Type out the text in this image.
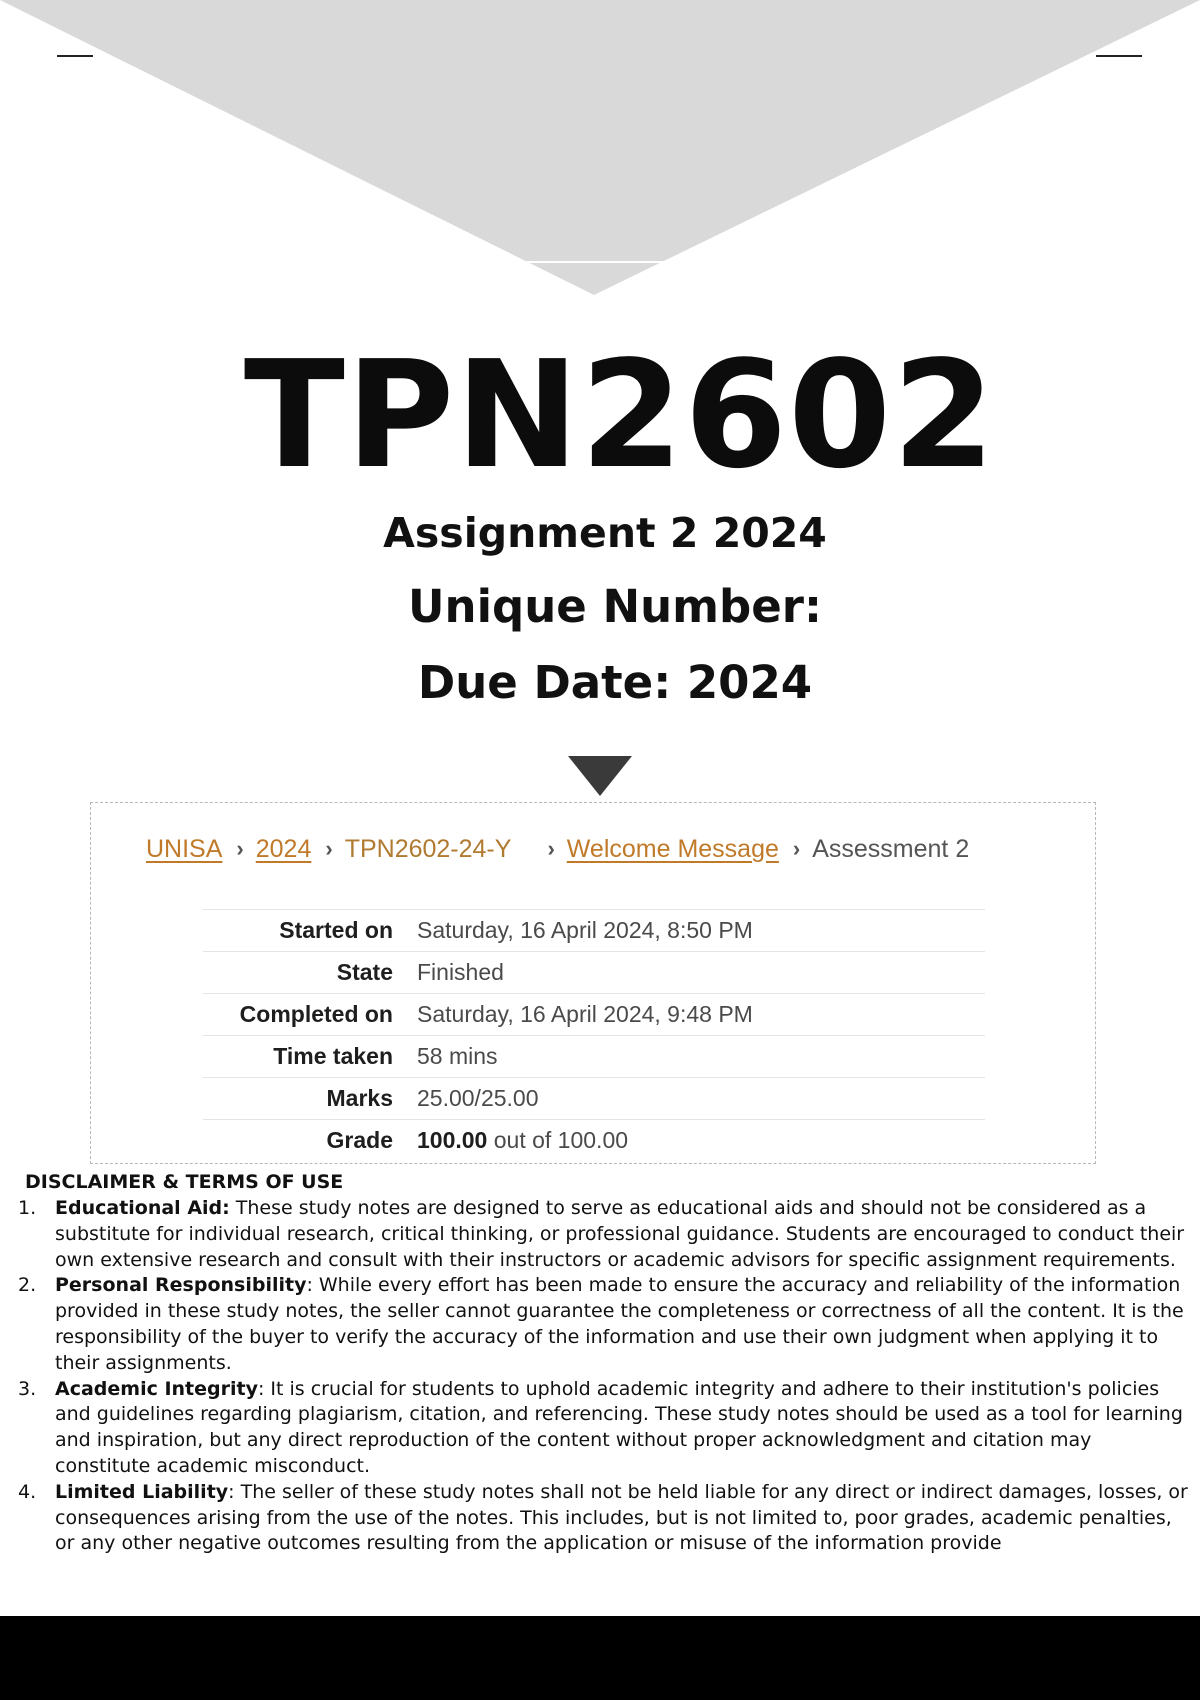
TPN2602
Assignment 2 2024
Unique Number:
Due Date: 2024
UNISA › 2024 › TPN2602-24-Y › Welcome Message › Assessment 2
Started on	Saturday, 16 April 2024, 8:50 PM
State	Finished
Completed on	Saturday, 16 April 2024, 9:48 PM
Time taken	58 mins
Marks	25.00/25.00
Grade	100.00 out of 100.00
DISCLAIMER & TERMS OF USE
1. Educational Aid: These study notes are designed to serve as educational aids and should not be considered as a substitute for individual research, critical thinking, or professional guidance. Students are encouraged to conduct their own extensive research and consult with their instructors or academic advisors for specific assignment requirements.
2. Personal Responsibility: While every effort has been made to ensure the accuracy and reliability of the information provided in these study notes, the seller cannot guarantee the completeness or correctness of all the content. It is the responsibility of the buyer to verify the accuracy of the information and use their own judgment when applying it to their assignments.
3. Academic Integrity: It is crucial for students to uphold academic integrity and adhere to their institution's policies and guidelines regarding plagiarism, citation, and referencing. These study notes should be used as a tool for learning and inspiration, but any direct reproduction of the content without proper acknowledgment and citation may constitute academic misconduct.
4. Limited Liability: The seller of these study notes shall not be held liable for any direct or indirect damages, losses, or consequences arising from the use of the notes. This includes, but is not limited to, poor grades, academic penalties, or any other negative outcomes resulting from the application or misuse of the information provide
